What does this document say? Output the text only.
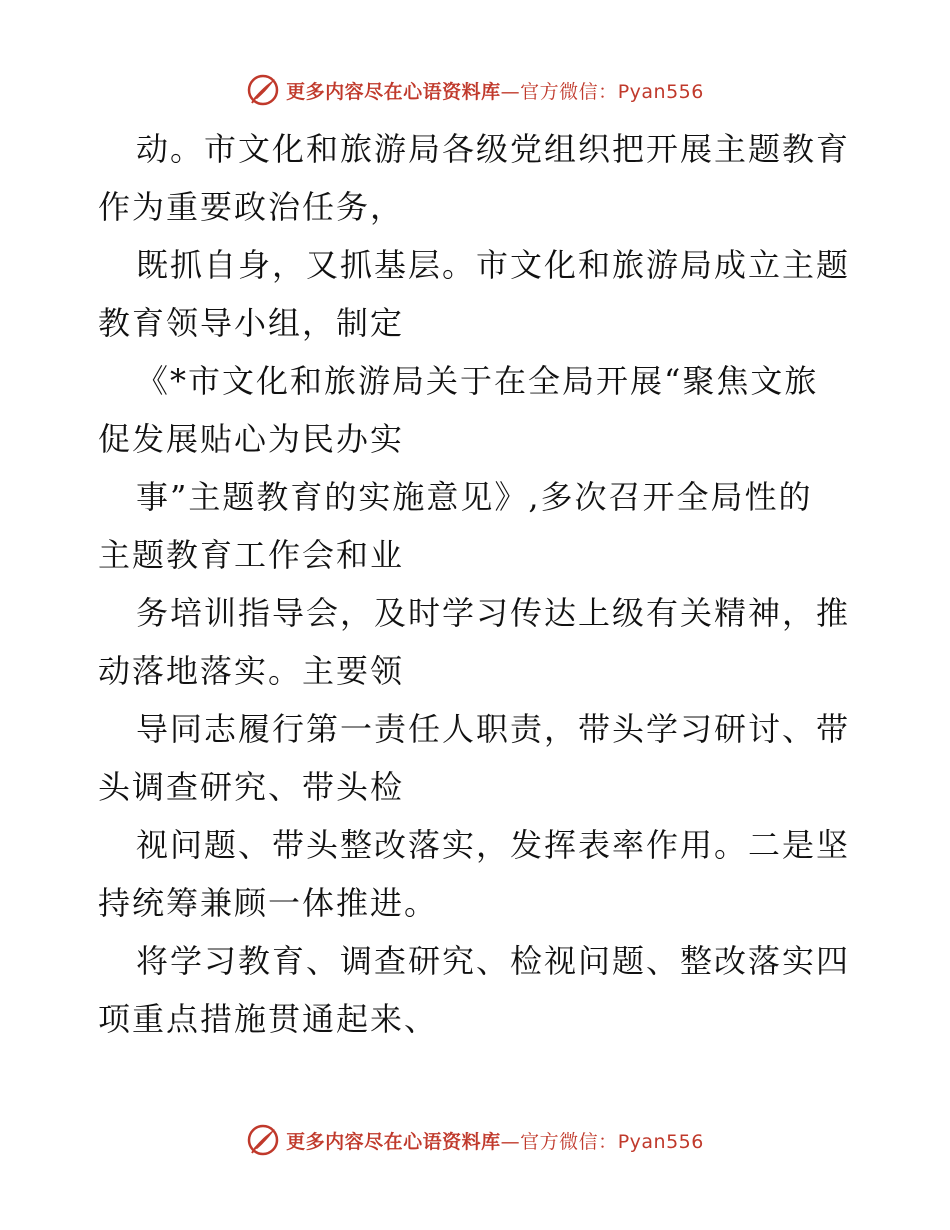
更多内容尽在心语资料库—官方微信：Pyan556

动。市文化和旅游局各级党组织把开展主题教育
作为重要政治任务，

既抓自身，又抓基层。市文化和旅游局成立主题
教育领导小组，制定

《*市文化和旅游局关于在全局开展“聚焦文旅
促发展贴心为民办实

事”主题教育的实施意见》,多次召开全局性的
主题教育工作会和业

务培训指导会，及时学习传达上级有关精神，推
动落地落实。主要领

导同志履行第一责任人职责，带头学习研讨、带
头调查研究、带头检

视问题、带头整改落实，发挥表率作用。二是坚
持统筹兼顾一体推进。

将学习教育、调查研究、检视问题、整改落实四
项重点措施贯通起来、

更多内容尽在心语资料库—官方微信：Pyan556
